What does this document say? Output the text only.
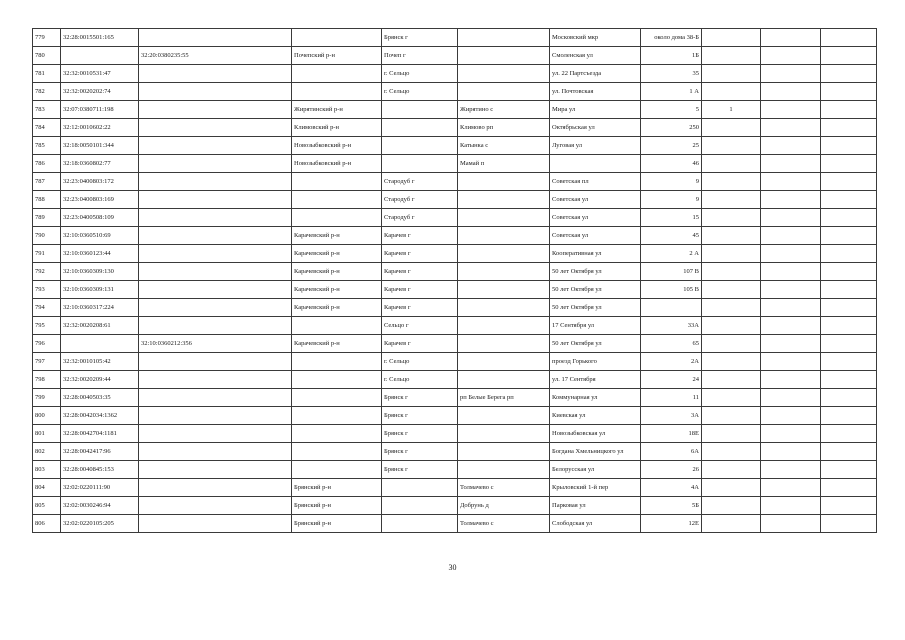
779	32:28:0015501:165			Брянск г		Московский мкр	около дома 38-Б			
780		32:20:0380235:55	Почепский р-н	Почеп г		Смоленская ул	1Б			
781	32:32:0010531:47			г. Сельцо		ул. 22 Партсъезда	35			
782	32:32:0020202:74			г. Сельцо		ул. Почтовская	1 А			
783	32:07:0380711:198		Жирятинский р-н		Жирятино с	Мира ул	5	1		
784	32:12:0010602:22		Климовский р-н		Климово рп	Октябрьская ул	250			
785	32:18:0050101:344		Новозыбковский р-н		Катынка с	Луговая ул	25			
786	32:18:0360802:77		Новозыбковский р-н		Мамай п		46			
787	32:23:0400803:172			Стародуб г		Советская пл	9			
788	32:23:0400803:169			Стародуб г		Советская ул	9			
789	32:23:0400508:109			Стародуб г		Советская ул	15			
790	32:10:0360510:69		Карачевский р-н	Карачев г		Советская ул	45			
791	32:10:0360123:44		Карачевский р-н	Карачев г		Кооперативная ул	2 А			
792	32:10:0360309:130		Карачевский р-н	Карачев г		50 лет Октября ул	107 В			
793	32:10:0360309:131		Карачевский р-н	Карачев г		50 лет Октября ул	105 В			
794	32:10:0360317:224		Карачевский р-н	Карачев г		50 лет Октября ул				
795	32:32:0020208:61			Сельцо г		17 Сентября ул	33А			
796		32:10:0360212:356	Карачевский р-н	Карачев г		50 лет Октября ул	65			
797	32:32:0010105:42			г. Сельцо		проезд Горького	2А			
798	32:32:0020209:44			г. Сельцо		ул. 17 Сентября	24			
799	32:28:0040503:35			Брянск г	рп Белые Берега рп	Коммунарная ул	11			
800	32:28:0042034:1362			Брянск г		Киевская ул	3А			
801	32:28:0042704:1181			Брянск г		Новозыбковская ул	18Е			
802	32:28:0042417:96			Брянск г		Богдана Хмельницкого ул	6А			
803	32:28:0040845:153			Брянск г		Белорусская ул	26			
804	32:02:0220111:90		Брянский р-н		Толмачево с	Крыловский 1-й пер	4А			
805	32:02:0030246:94		Брянский р-н		Добрунь д	Парковая ул	5Б			
806	32:02:0220105:205		Брянский р-н		Толмачево с	Слободская ул	12Е			
30
